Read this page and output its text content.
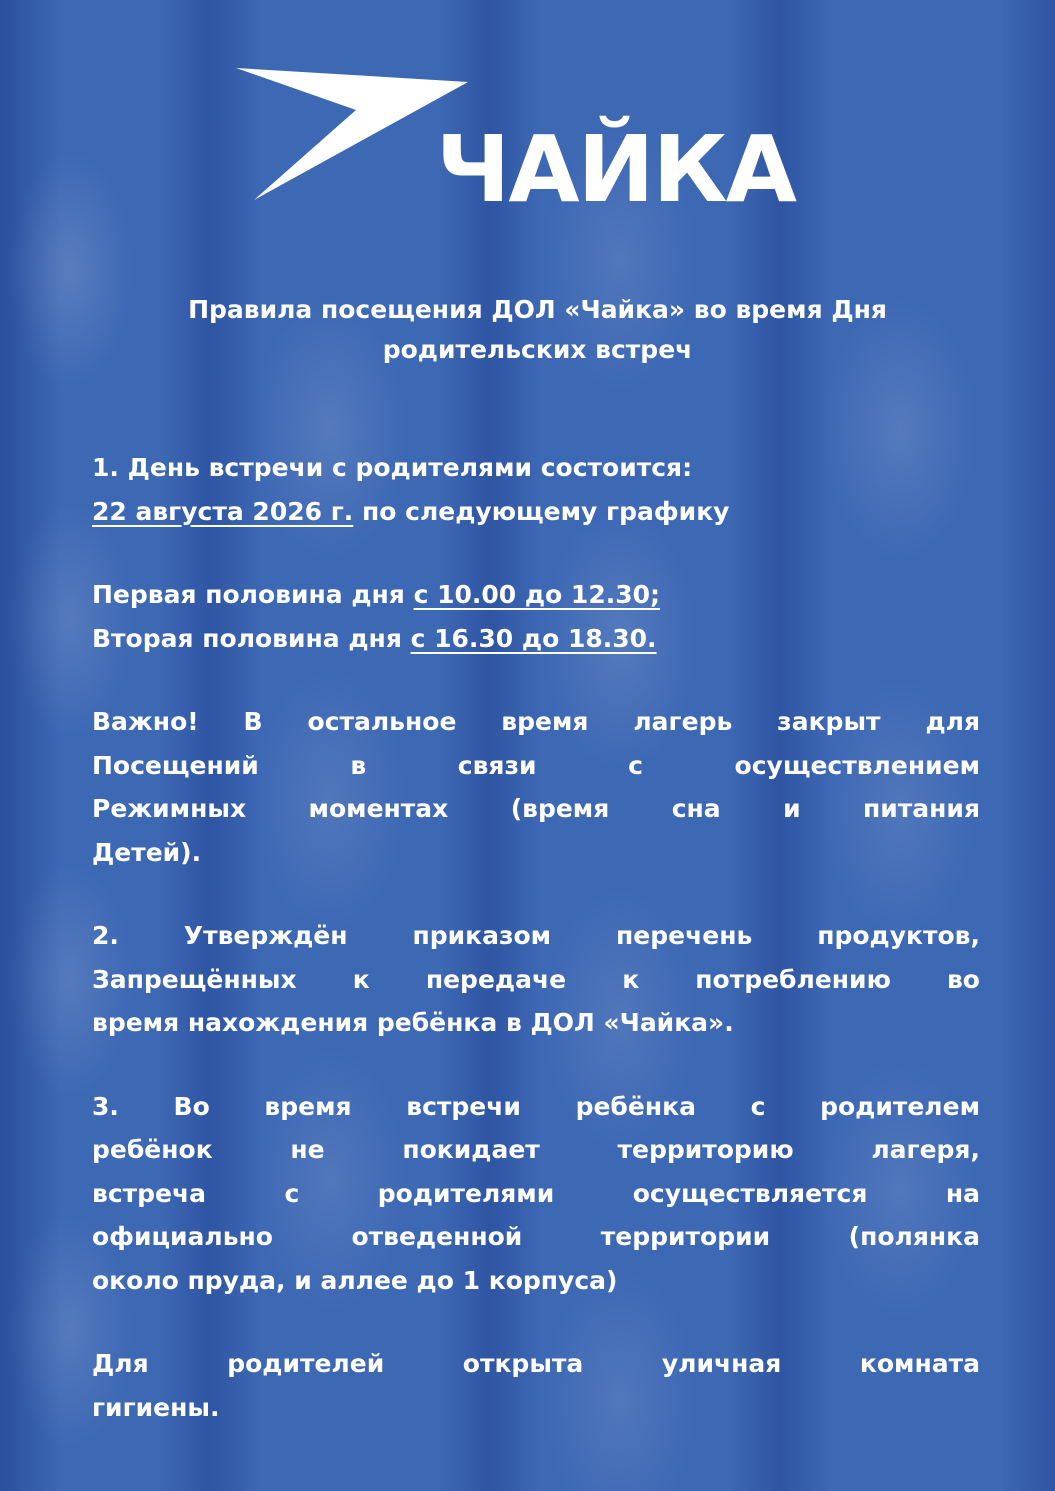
ЧАЙКА
Правила посещения ДОЛ «Чайка» во время Дня
родительских встреч

1. День встречи с родителями состоится:

22 августа 2026 г. по следующему графику

Первая половина дня с 10.00 до 12.30;

Вторая половина дня с 16.30 до 18.30.

Важно! В остальное время лагерь закрыт для

Посещений в связи с осуществлением

Режимных моментах (время сна и питания

Детей).

2. Утверждён приказом перечень продуктов,

Запрещённых к передаче к потреблению во

время нахождения ребёнка в ДОЛ «Чайка».

3. Во время встречи ребёнка с родителем

ребёнок не покидает территорию лагеря,

встреча с родителями осуществляется на

официально отведенной территории (полянка

около пруда, и аллее до 1 корпуса)

Для родителей открыта уличная комната

гигиены.
